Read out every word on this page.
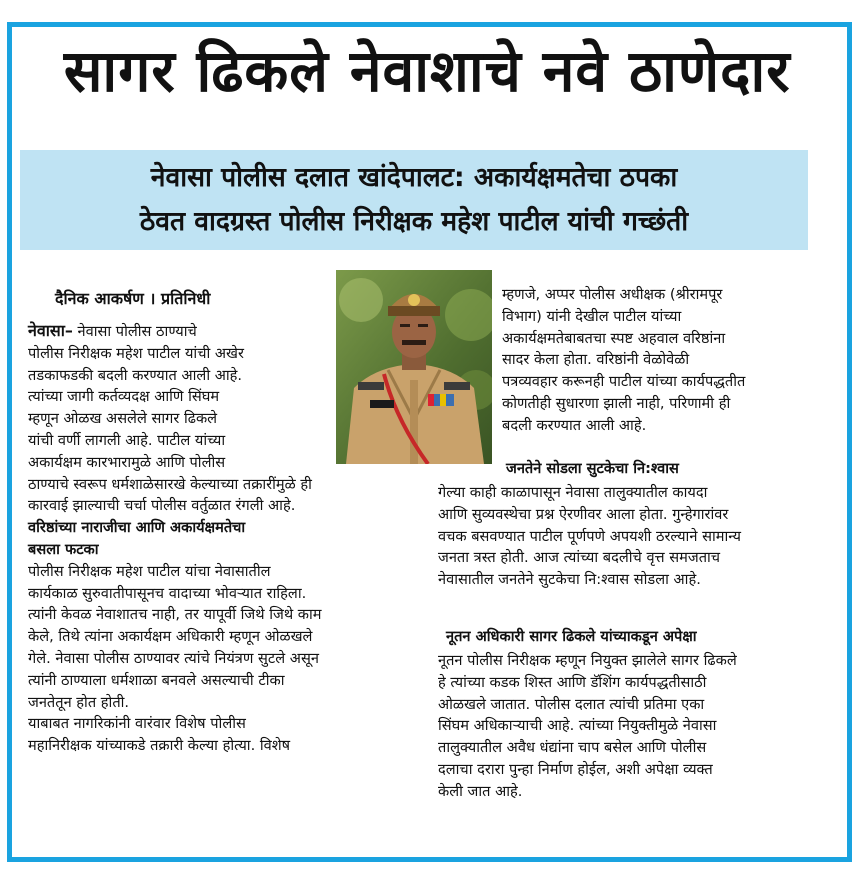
सागर ढिकले नेवाशाचे नवे ठाणेदार
नेवासा पोलीस दलात खांदेपालट: अकार्यक्षमतेचा ठपका
ठेवत वादग्रस्त पोलीस निरीक्षक महेश पाटील यांची गच्छंती
दैनिक आकर्षण । प्रतिनिधी
नेवासा– नेवासा पोलीस ठाण्याचे
पोलीस निरीक्षक महेश पाटील यांची अखेर
तडकाफडकी बदली करण्यात आली आहे.
त्यांच्या जागी कर्तव्यदक्ष आणि सिंघम
म्हणून ओळख असलेले सागर ढिकले
यांची वर्णी लागली आहे. पाटील यांच्या
अकार्यक्षम कारभारामुळे आणि पोलीस
ठाण्याचे स्वरूप धर्मशाळेसारखे केल्याच्या तक्रारींमुळे ही
कारवाई झाल्याची चर्चा पोलीस वर्तुळात रंगली आहे.
वरिष्ठांच्या नाराजीचा आणि अकार्यक्षमतेचा
बसला फटका
पोलीस निरीक्षक महेश पाटील यांचा नेवासातील
कार्यकाळ सुरुवातीपासूनच वादाच्या भोवऱ्यात राहिला.
त्यांनी केवळ नेवाशातच नाही, तर यापूर्वी जिथे जिथे काम
केले, तिथे त्यांना अकार्यक्षम अधिकारी म्हणून ओळखले
गेले. नेवासा पोलीस ठाण्यावर त्यांचे नियंत्रण सुटले असून
त्यांनी ठाण्याला धर्मशाळा बनवले असल्याची टीका
जनतेतून होत होती.
याबाबत नागरिकांनी वारंवार विशेष पोलीस
महानिरीक्षक यांच्याकडे तक्रारी केल्या होत्या. विशेष
म्हणजे, अप्पर पोलीस अधीक्षक (श्रीरामपूर
विभाग) यांनी देखील पाटील यांच्या
अकार्यक्षमतेबाबतचा स्पष्ट अहवाल वरिष्ठांना
सादर केला होता. वरिष्ठांनी वेळोवेळी
पत्रव्यवहार करूनही पाटील यांच्या कार्यपद्धतीत
कोणतीही सुधारणा झाली नाही, परिणामी ही
बदली करण्यात आली आहे.
जनतेने सोडला सुटकेचा नि:श्वास
गेल्या काही काळापासून नेवासा तालुक्यातील कायदा
आणि सुव्यवस्थेचा प्रश्न ऐरणीवर आला होता. गुन्हेगारांवर
वचक बसवण्यात पाटील पूर्णपणे अपयशी ठरल्याने सामान्य
जनता त्रस्त होती. आज त्यांच्या बदलीचे वृत्त समजताच
नेवासातील जनतेने सुटकेचा नि:श्वास सोडला आहे.
नूतन अधिकारी सागर ढिकले यांच्याकडून अपेक्षा
नूतन पोलीस निरीक्षक म्हणून नियुक्त झालेले सागर ढिकले
हे त्यांच्या कडक शिस्त आणि डॅशिंग कार्यपद्धतीसाठी
ओळखले जातात. पोलीस दलात त्यांची प्रतिमा एका
सिंघम अधिकाऱ्याची आहे. त्यांच्या नियुक्तीमुळे नेवासा
तालुक्यातील अवैध धंद्यांना चाप बसेल आणि पोलीस
दलाचा दरारा पुन्हा निर्माण होईल, अशी अपेक्षा व्यक्त
केली जात आहे.
